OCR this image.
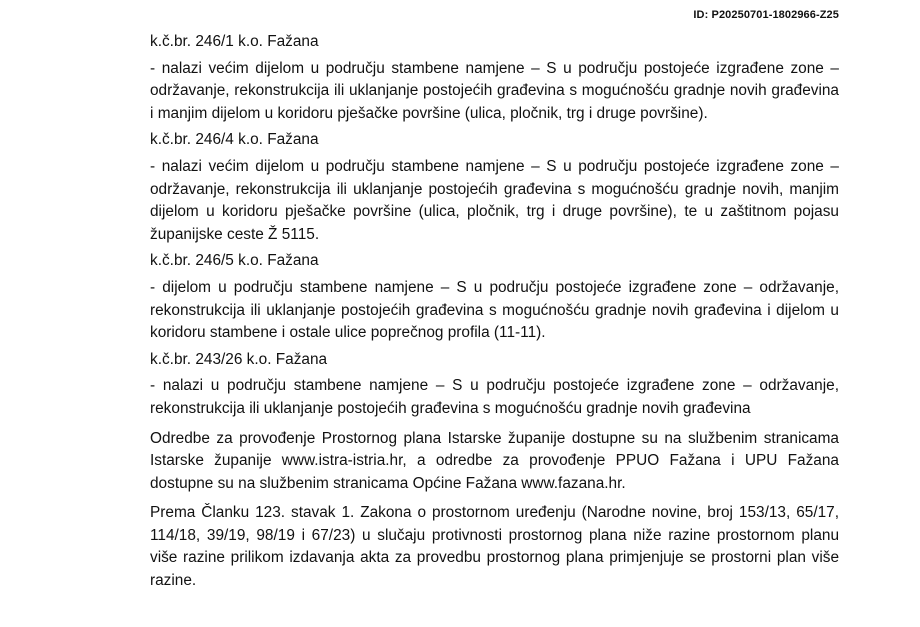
ID: P20250701-1802966-Z25
k.č.br. 246/1 k.o. Fažana
- nalazi većim dijelom u području stambene namjene – S u području postojeće izgrađene zone – održavanje, rekonstrukcija ili uklanjanje postojećih građevina s mogućnošću gradnje novih građevina i manjim dijelom u koridoru pješačke površine (ulica, pločnik, trg i druge površine).
k.č.br. 246/4 k.o. Fažana
- nalazi većim dijelom u području stambene namjene – S u području postojeće izgrađene zone – održavanje, rekonstrukcija ili uklanjanje postojećih građevina s mogućnošću gradnje novih, manjim dijelom u koridoru pješačke površine (ulica, pločnik, trg i druge površine), te u zaštitnom pojasu županijske ceste Ž 5115.
k.č.br. 246/5 k.o. Fažana
- dijelom u području stambene namjene – S u području postojeće izgrađene zone – održavanje, rekonstrukcija ili uklanjanje postojećih građevina s mogućnošću gradnje novih građevina i dijelom u koridoru stambene i ostale ulice poprečnog profila (11-11).
k.č.br. 243/26 k.o. Fažana
- nalazi u području stambene namjene – S u području postojeće izgrađene zone – održavanje, rekonstrukcija ili uklanjanje postojećih građevina s mogućnošću gradnje novih građevina
Odredbe za provođenje Prostornog plana Istarske županije dostupne su na službenim stranicama Istarske županije www.istra-istria.hr, a odredbe za provođenje PPUO Fažana i UPU Fažana dostupne su na službenim stranicama Općine Fažana www.fazana.hr.
Prema Članku 123. stavak 1. Zakona o prostornom uređenju (Narodne novine, broj 153/13, 65/17, 114/18, 39/19, 98/19 i 67/23) u slučaju protivnosti prostornog plana niže razine prostornom planu više razine prilikom izdavanja akta za provedbu prostornog plana primjenjuje se prostorni plan više razine.
